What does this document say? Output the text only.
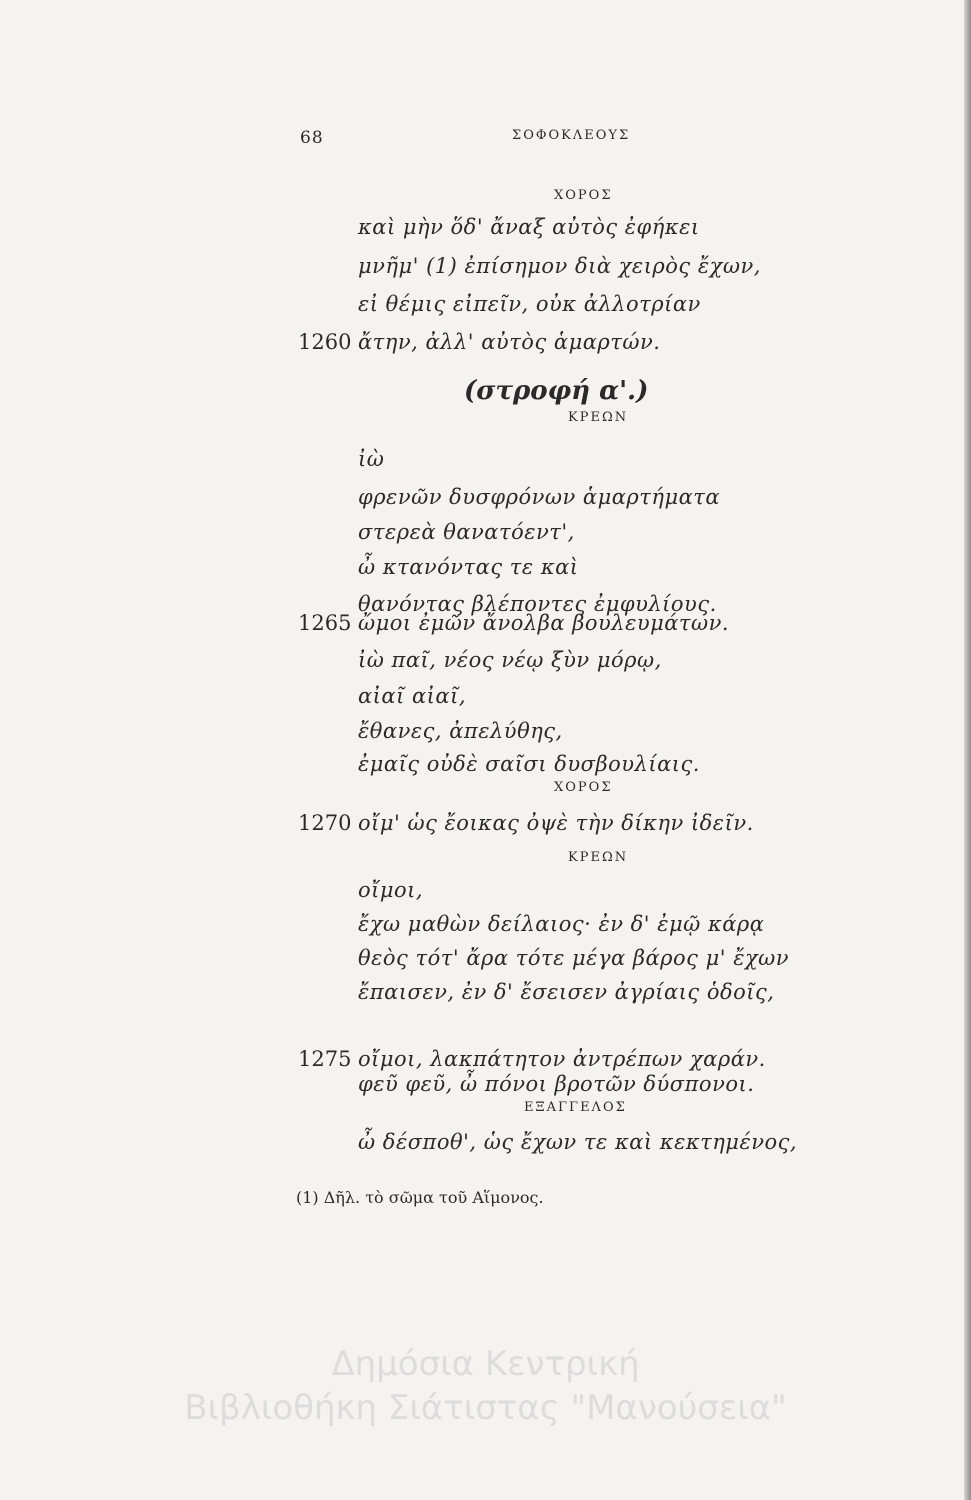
68	ΣΟΦΟΚΛΕΟΥΣ
ΧΟΡΟΣ
ΚΡΕΩΝ
ΧΟΡΟΣ
ΚΡΕΩΝ
ΕΞΑΓΓΕΛΟΣ
(στροφή α'.)
1260
1265
1270
1275
καὶ μὴν ὅδ' ἄναξ αὐτὸς ἐφήκει
μνῆμ' (1) ἐπίσημον διὰ χειρὸς ἔχων,
εἰ θέμις εἰπεῖν, οὐκ ἀλλοτρίαν
ἄτην, ἀλλ' αὐτὸς ἁμαρτών.
ἰὼ
φρενῶν δυσφρόνων ἁμαρτήματα
στερεὰ θανατόεντ',
ὦ κτανόντας τε καὶ
θανόντας βλέποντες ἐμφυλίους.
ὤμοι ἐμῶν ἄνολβα βουλευμάτων.
ἰὼ παῖ, νέος νέῳ ξὺν μόρῳ,
αἰαῖ αἰαῖ,
ἔθανες, ἀπελύθης,
ἐμαῖς οὐδὲ σαῖσι δυσβουλίαις.
οἴμ' ὡς ἔοικας ὀψὲ τὴν δίκην ἰδεῖν.
οἴμοι,
ἔχω μαθὼν δείλαιος· ἐν δ' ἐμῷ κάρᾳ
θεὸς τότ' ἄρα τότε μέγα βάρος μ' ἔχων
ἔπαισεν, ἐν δ' ἔσεισεν ἀγρίαις ὁδοῖς,
οἴμοι, λακπάτητον ἀντρέπων χαράν.
φεῦ φεῦ, ὦ πόνοι βροτῶν δύσπονοι.
ὦ δέσποθ', ὡς ἔχων τε καὶ κεκτημένος,
(1) Δῆλ. τὸ σῶμα τοῦ Αἵμονος.
Δημόσια Κεντρική
Βιβλιοθήκη Σιάτιστας "Μανούσεια"
